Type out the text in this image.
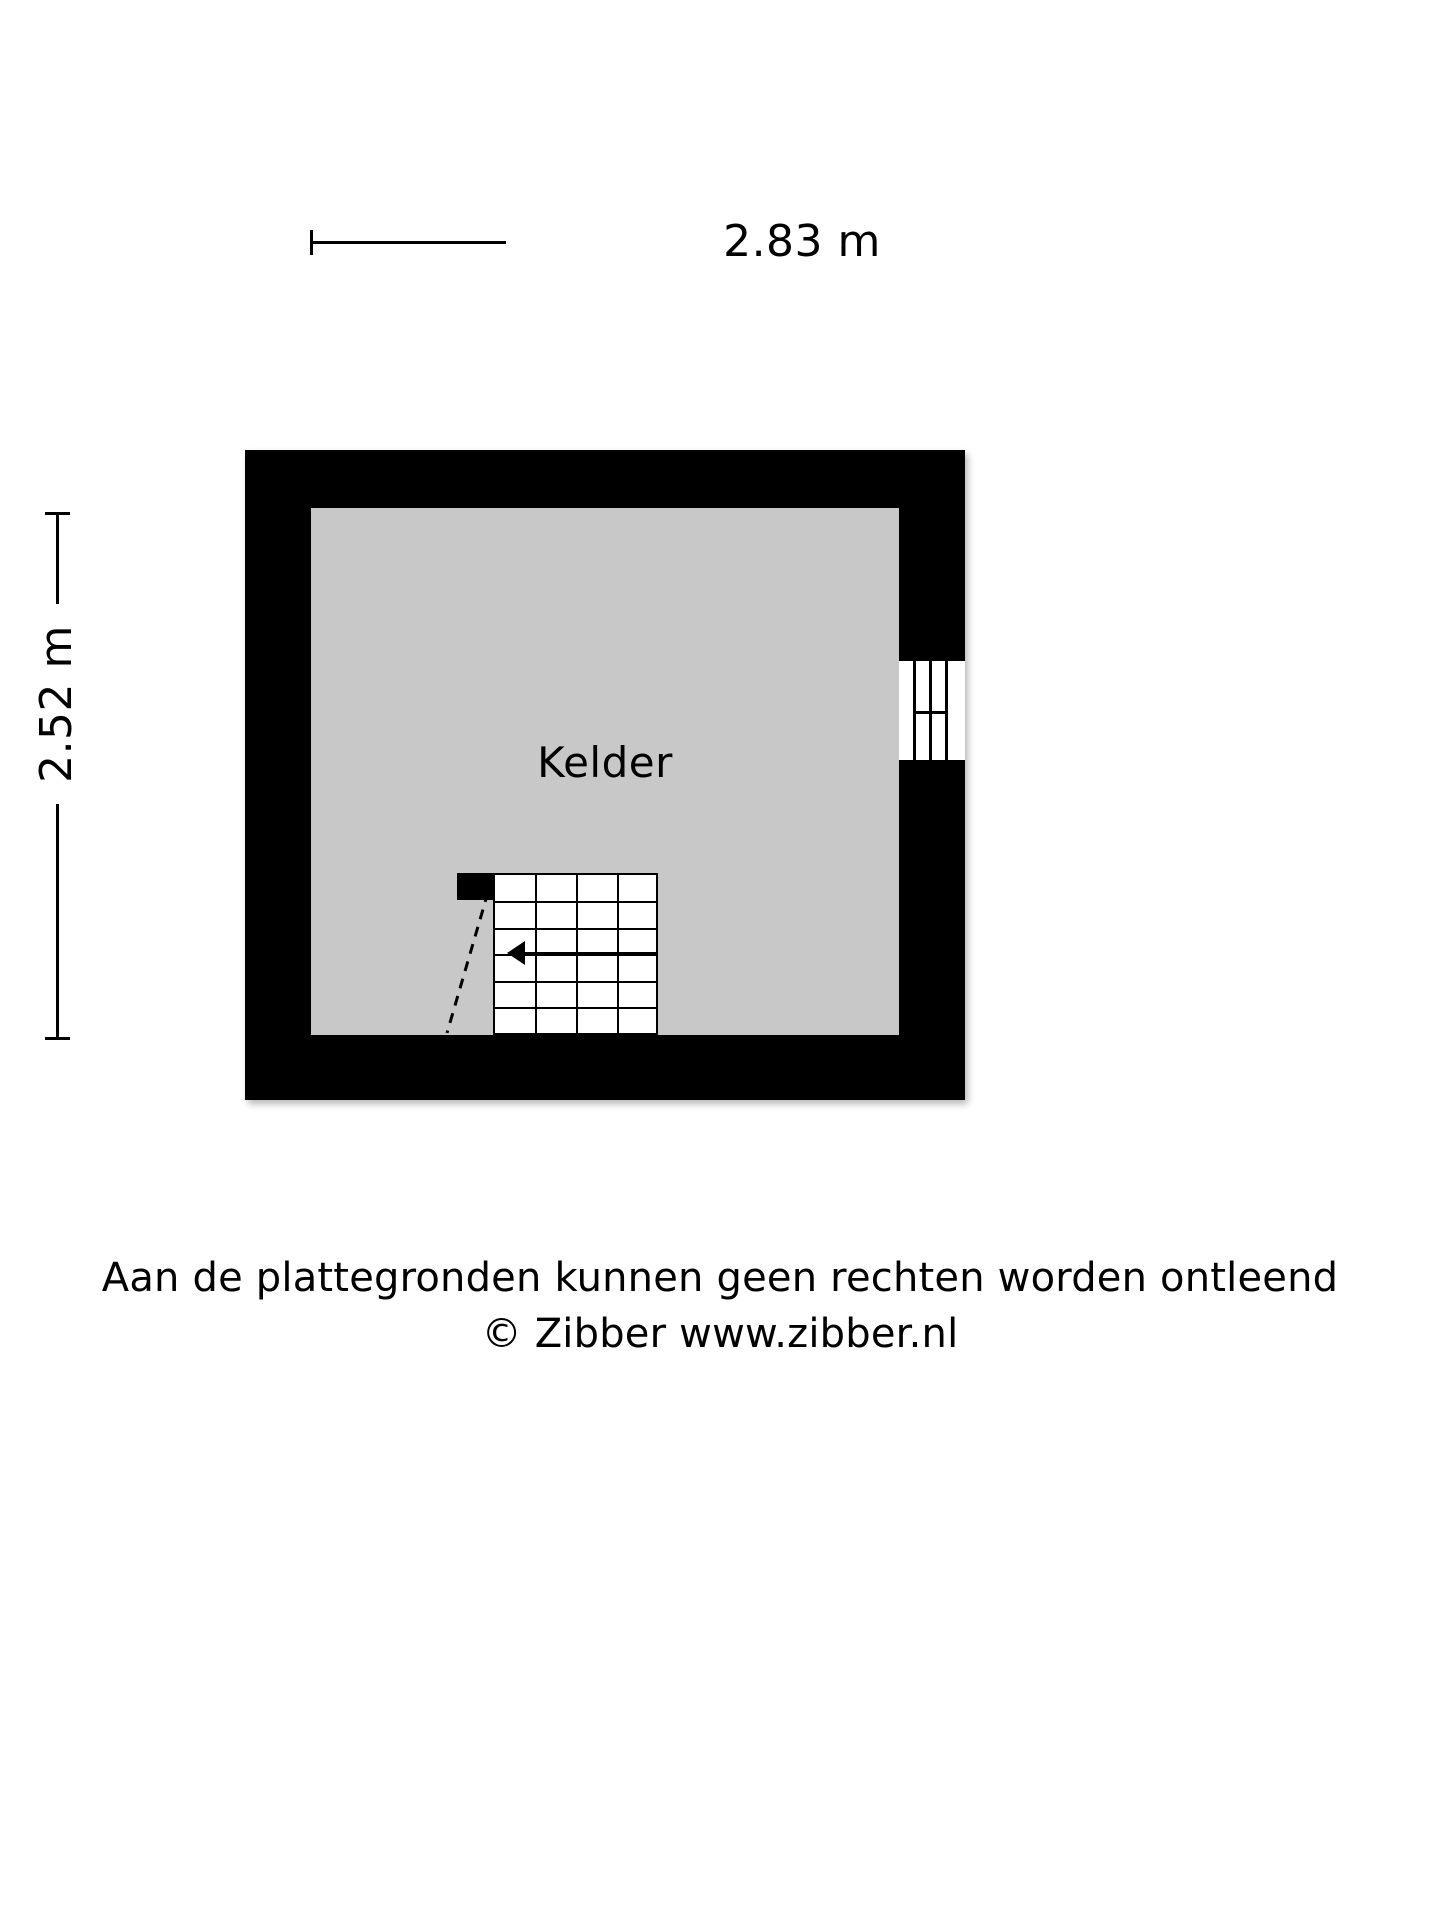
2.83 m
2.52 m	Kelder
Aan de plattegronden kunnen geen rechten worden ontleend
© Zibber www.zibber.nl
